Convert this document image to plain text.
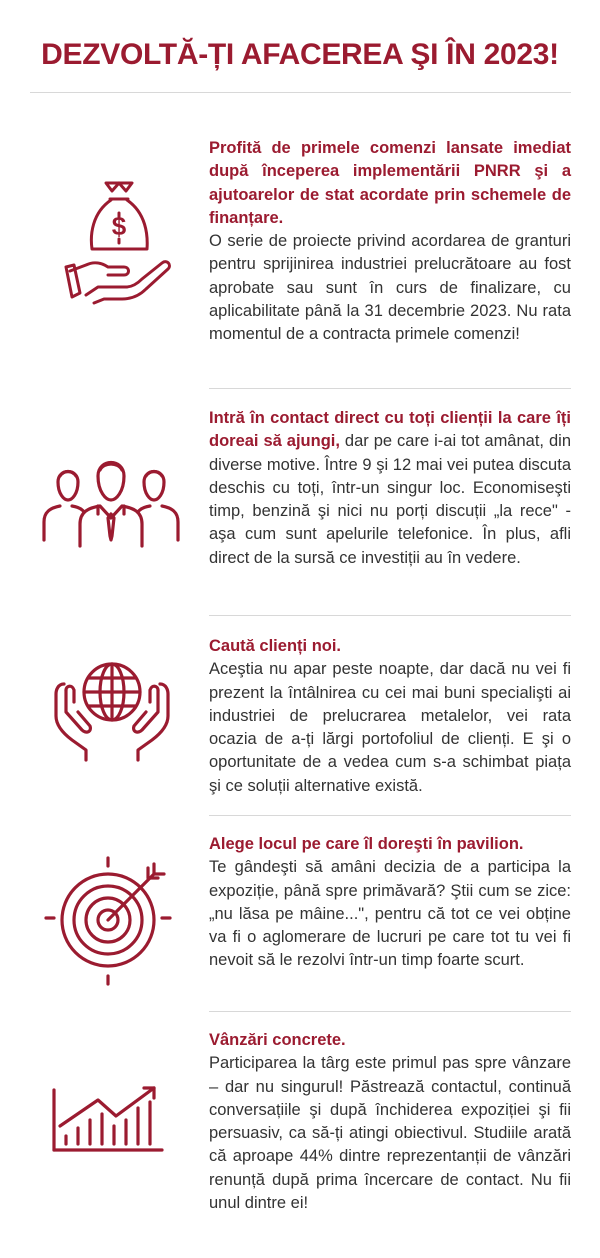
DEZVOLTĂ-ȚI AFACEREA ŞI ÎN 2023!
$

Profită de primele comenzi lansate imediat după începerea implementării PNRR şi a ajutoarelor de stat acordate prin schemele de finanțare.
O serie de proiecte privind acordarea de granturi pentru sprijinirea industriei prelucrătoare au fost aprobate sau sunt în curs de finalizare, cu aplicabilitate până la 31 decembrie 2023. Nu rata momentul de a contracta primele comenzi!

Intră în contact direct cu toți clienții la care îți doreai să ajungi, dar pe care i-ai tot amânat, din diverse motive. Între 9 şi 12 mai vei putea discuta deschis cu toți, într-un singur loc. Economiseşti timp, benzină şi nici nu porți discuții „la rece" - aşa cum sunt apelurile telefonice. În plus, afli direct de la sursă ce investiții au în vedere.

Caută clienți noi.
Aceştia nu apar peste noapte, dar dacă nu vei fi prezent la întâlnirea cu cei mai buni specialişti ai industriei de prelucrarea metalelor, vei rata ocazia de a-ți lărgi portofoliul de clienți. E şi o oportunitate de a vedea cum s-a schimbat piața şi ce soluții alternative există.

Alege locul pe care îl doreşti în pavilion.
Te gândeşti să amâni decizia de a participa la expoziție, până spre primăvară? Ştii cum se zice: „nu lăsa pe mâine...", pentru că tot ce vei obține va fi o aglomerare de lucruri pe care tot tu vei fi nevoit să le rezolvi într-un timp foarte scurt.

Vânzări concrete.
Participarea la târg este primul pas spre vânzare – dar nu singurul! Păstrează contactul, continuă conversațiile şi după închiderea expoziției şi fii persuasiv, ca să-ți atingi obiectivul. Studiile arată că aproape 44% dintre reprezentanții de vânzări renunță după prima încercare de contact. Nu fii unul dintre ei!
